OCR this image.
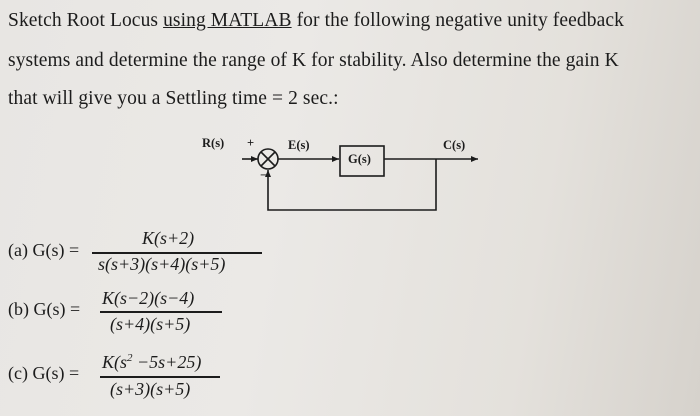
Sketch Root Locus using MATLAB for the following negative unity feedback
systems and determine the range of K for stability. Also determine the gain K
that will give you a Settling time = 2 sec.:
R(s) +
−
E(s)
G(s)
C(s)
(a) G(s) =
K(s+2)
s(s+3)(s+4)(s+5)
(b) G(s) =
K(s−2)(s−4)
(s+4)(s+5)
(c) G(s) =
$K(s^2 -5s+25)$
(s+3)(s+5)
